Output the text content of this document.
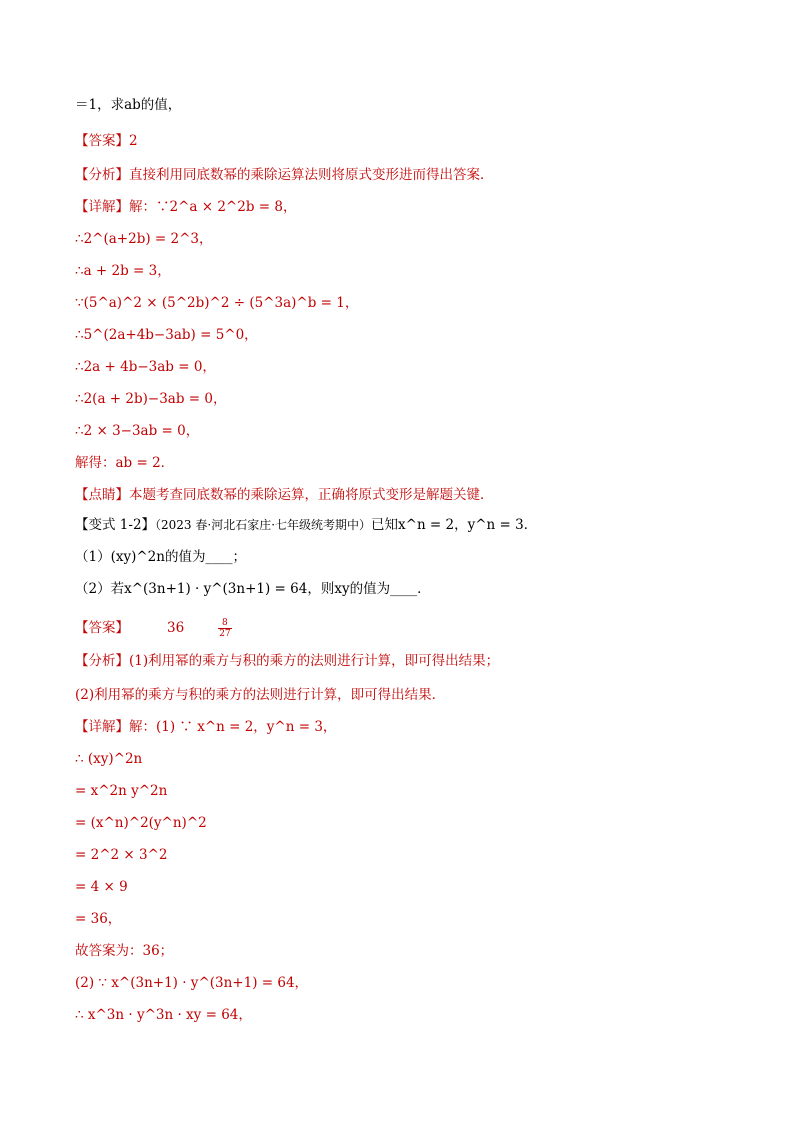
＝1，求ab的值，
【答案】2
【分析】直接利用同底数幂的乘除运算法则将原式变形进而得出答案．
【详解】解：∵2^a × 2^2b = 8，
∴2^(a+2b) = 2^3，
∴a + 2b = 3，
∵(5^a)^2 × (5^2b)^2 ÷ (5^3a)^b = 1，
∴5^(2a+4b−3ab) = 5^0，
∴2a + 4b−3ab = 0，
∴2(a + 2b)−3ab = 0，
∴2 × 3−3ab = 0，
解得：ab = 2．
【点睛】本题考查同底数幂的乘除运算，正确将原式变形是解题关键．
【变式 1-2】（2023 春·河北石家庄·七年级统考期中）已知x^n = 2，y^n = 3．
（1）(xy)^2n的值为____；
（2）若x^(3n+1) · y^(3n+1) = 64，则xy的值为____．
【答案】	36	$\frac{8}{27}$
【分析】(1)利用幂的乘方与积的乘方的法则进行计算，即可得出结果；
(2)利用幂的乘方与积的乘方的法则进行计算，即可得出结果．
【详解】解：(1) ∵ x^n = 2，y^n = 3，
∴ (xy)^2n
= x^2n y^2n
= (x^n)^2(y^n)^2
= 2^2 × 3^2
= 4 × 9
= 36，
故答案为：36；
(2) ∵ x^(3n+1) · y^(3n+1) = 64，
∴ x^3n · y^3n · xy = 64，
